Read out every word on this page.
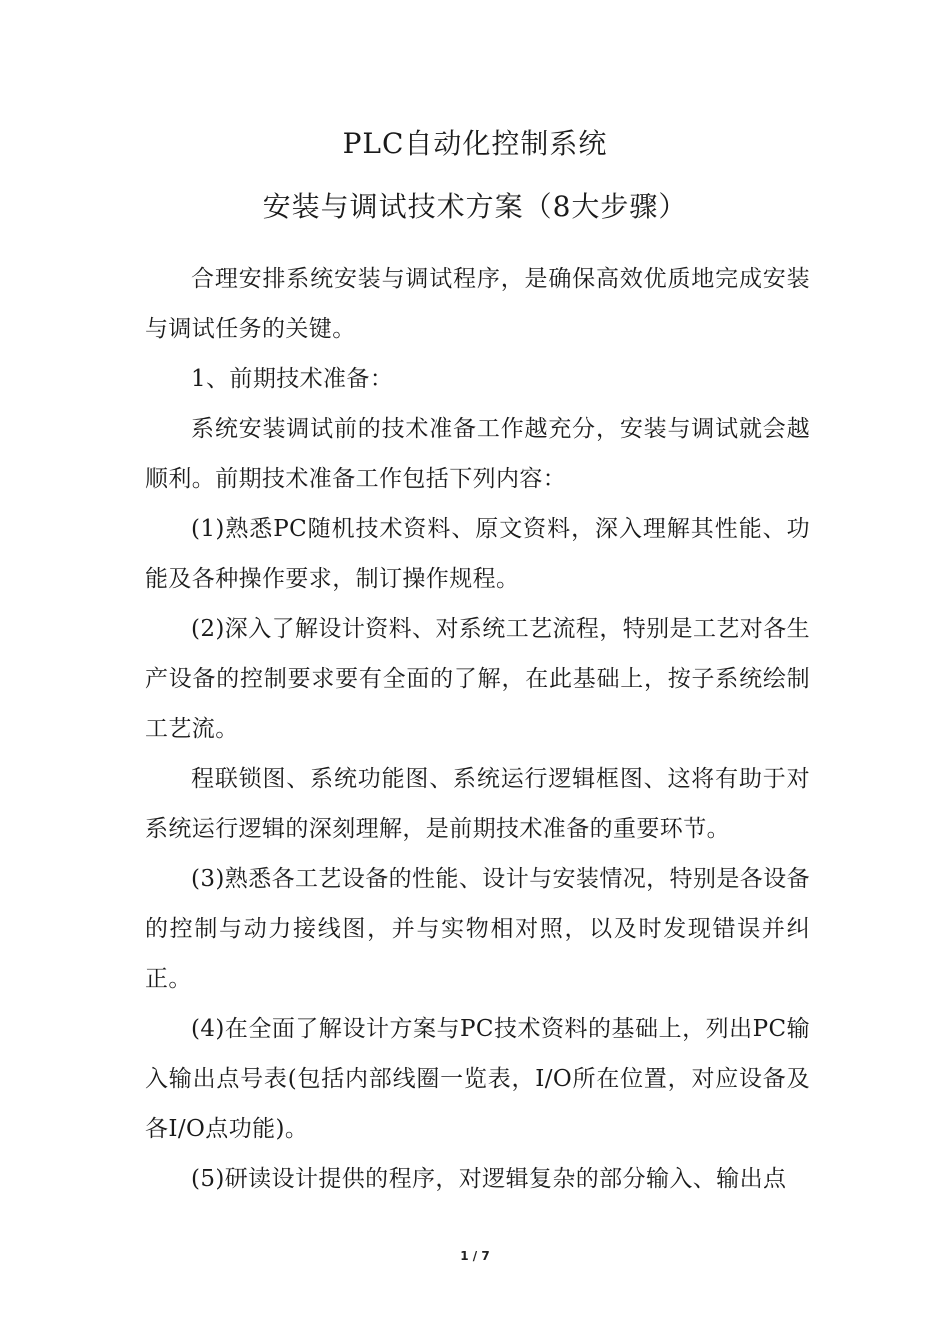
PLC自动化控制系统
安装与调试技术方案（8大步骤）

合理安排系统安装与调试程序，是确保高效优质地完成安装与调试任务的关键。

1、前期技术准备：

系统安装调试前的技术准备工作越充分，安装与调试就会越顺利。前期技术准备工作包括下列内容：

(1)熟悉PC随机技术资料、原文资料，深入理解其性能、功能及各种操作要求，制订操作规程。

(2)深入了解设计资料、对系统工艺流程，特别是工艺对各生产设备的控制要求要有全面的了解，在此基础上，按子系统绘制工艺流。

程联锁图、系统功能图、系统运行逻辑框图、这将有助于对系统运行逻辑的深刻理解，是前期技术准备的重要环节。

(3)熟悉各工艺设备的性能、设计与安装情况，特别是各设备的控制与动力接线图，并与实物相对照，以及时发现错误并纠正。

(4)在全面了解设计方案与PC技术资料的基础上，列出PC输入输出点号表(包括内部线圈一览表，I/O所在位置，对应设备及各I/O点功能)。

(5)研读设计提供的程序，对逻辑复杂的部分输入、输出点

1 / 7
